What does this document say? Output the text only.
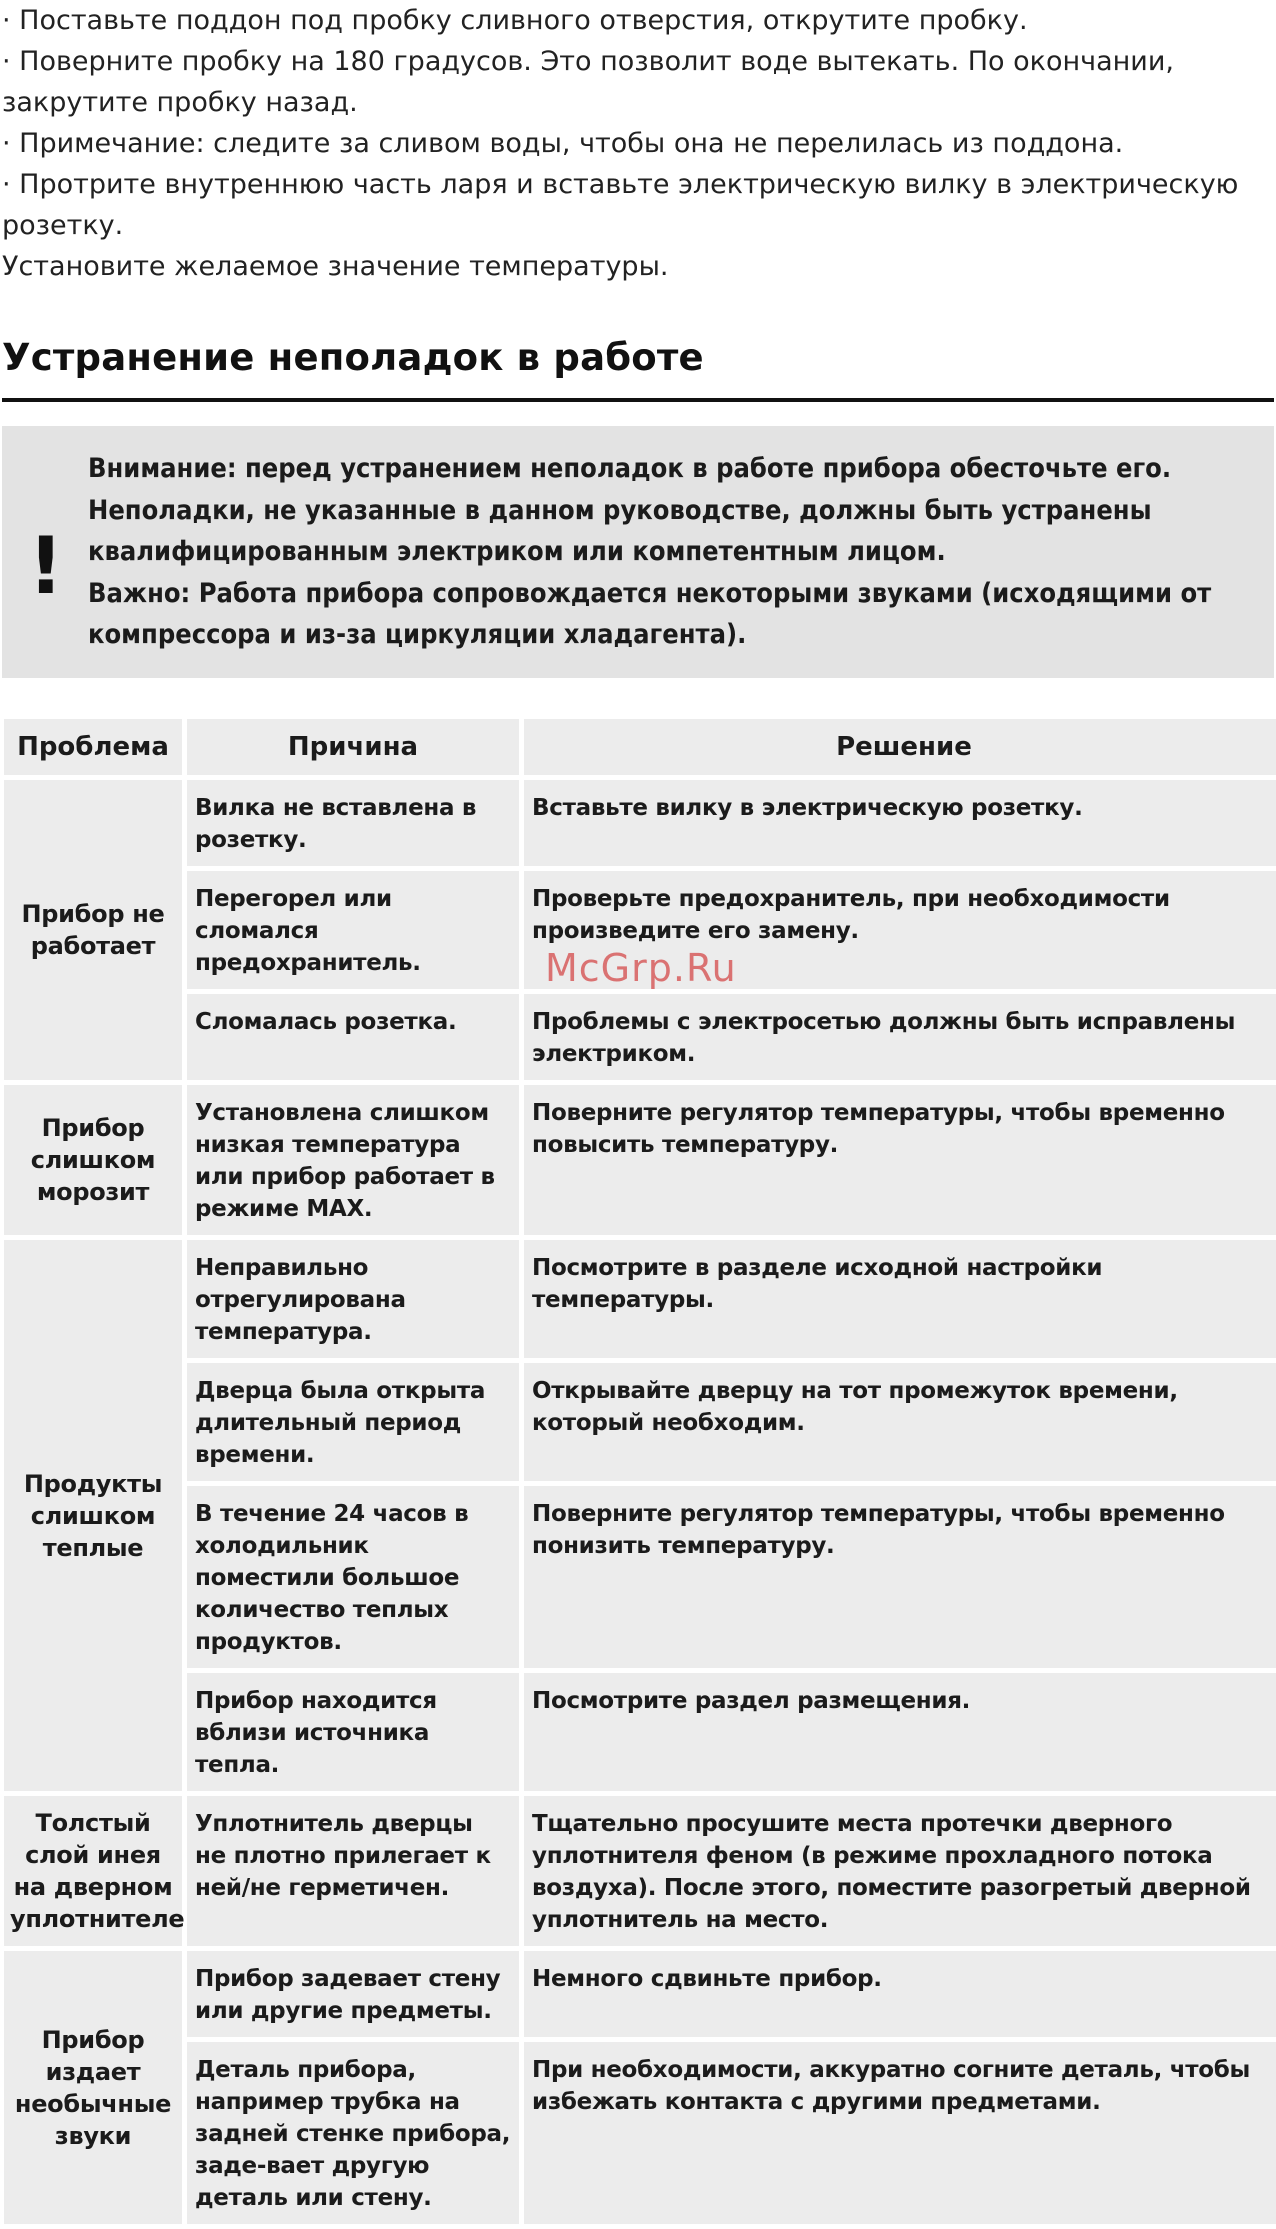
· Поставьте поддон под пробку сливного отверстия, открутите пробку.

· Поверните пробку на 180 градусов. Это позволит воде вытекать. По окончании, закрутите пробку назад.

· Примечание: следите за сливом воды, чтобы она не перелилась из поддона.

· Протрите внутреннюю часть ларя и вставьте электрическую вилку в электрическую розетку.

Установите желаемое значение температуры.

Устранение неполадок в работе
!

Внимание: перед устранением неполадок в работе прибора обесточьте его. Неполадки, не указанные в данном руководстве, должны быть устранены квалифицированным электриком или компетентным лицом.

Важно: Работа прибора сопровождается некоторыми звуками (исходящими от компрессора и из-за циркуляции хладагента).

Проблема	Причина	Решение
Прибор не работает	Вилка не вставлена в розетку.	Вставьте вилку в электрическую розетку.
	Перегорел или сломался предохранитель.	Проверьте предохранитель, при необходимости произведите его замену.
	Сломалась розетка.	Проблемы с электросетью должны быть исправлены электриком.
Прибор слишком морозит	Установлена слишком низкая температура или прибор работает в режиме MAX.	Поверните регулятор температуры, чтобы временно повысить температуру.
Продукты слишком теплые	Неправильно отрегулирована температура.	Посмотрите в разделе исходной настройки температуры.
	Дверца была открыта длительный период времени.	Открывайте дверцу на тот промежуток времени, который необходим.
	В течение 24 часов в холодильник поместили большое количество теплых продуктов.	Поверните регулятор температуры, чтобы временно понизить температуру.
	Прибор находится вблизи источника тепла.	Посмотрите раздел размещения.
Толстый слой инея на дверном уплотнителе	Уплотнитель дверцы не плотно прилегает к ней/не герметичен.	Тщательно просушите места протечки дверного уплотнителя феном (в режиме прохладного потока воздуха). После этого, поместите разогретый дверной уплотнитель на место.
Прибор издает необычные звуки	Прибор задевает стену или другие предметы.	Немного сдвиньте прибор.
	Деталь прибора, например трубка на задней стенке прибора, заде-вает другую деталь или стену.	При необходимости, аккуратно согните деталь, чтобы избежать контакта с другими предметами.
McGrp.Ru
